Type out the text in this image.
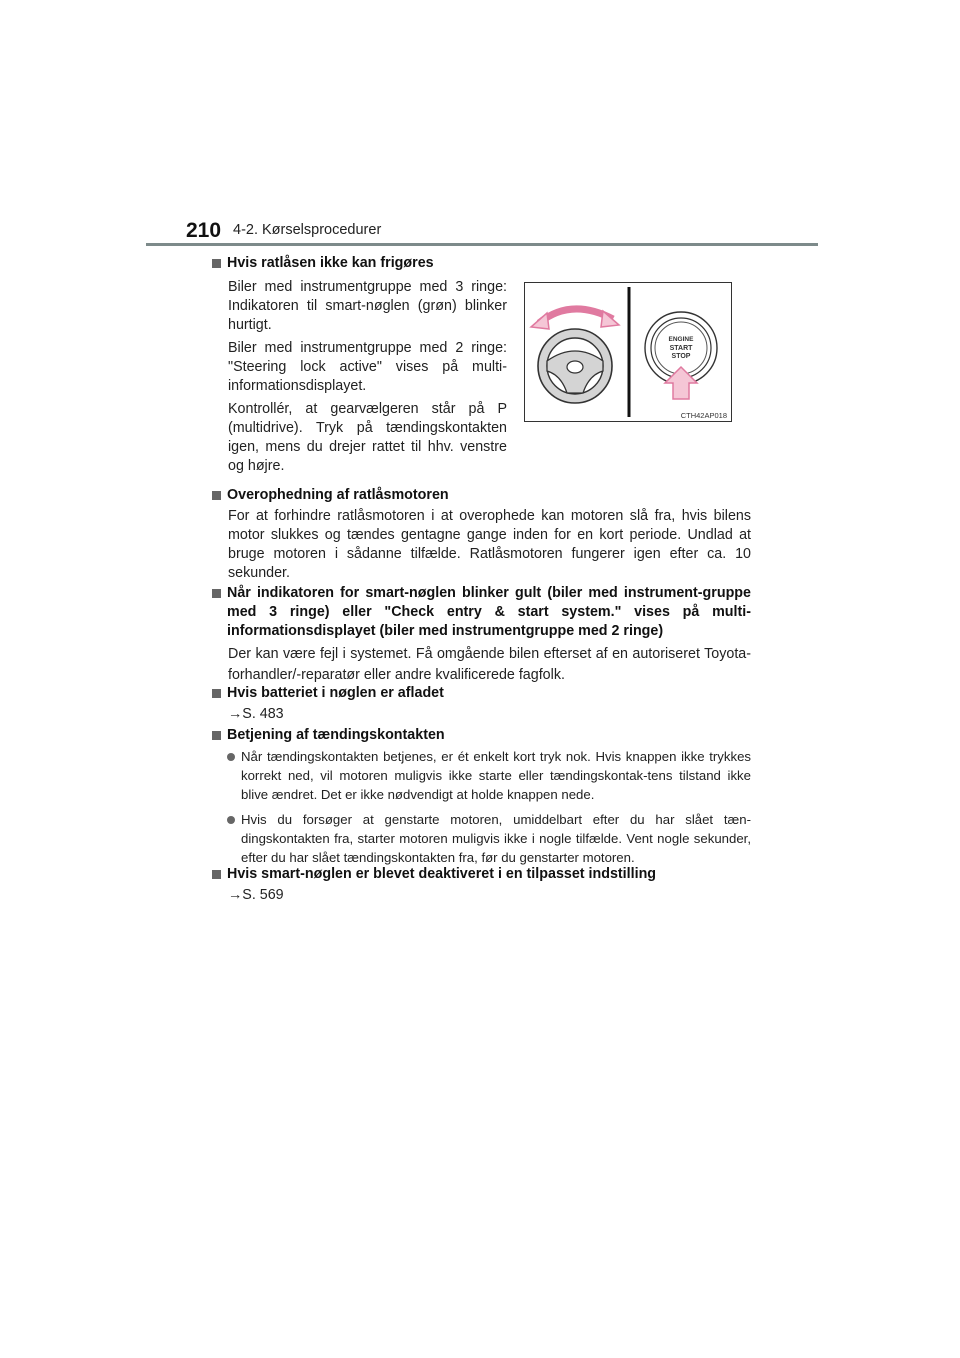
210 4-2. Kørselsprocedurer
Hvis ratlåsen ikke kan frigøres

Biler med instrumentgruppe med 3 ringe: Indikatoren til smart-nøglen (grøn) blinker hurtigt.

Biler med instrumentgruppe med 2 ringe: "Steering lock active" vises på multi-informationsdisplayet.

Kontrollér, at gearvælgeren står på P (multidrive). Tryk på tændingskontakten igen, mens du drejer rattet til hhv. venstre og højre.

ENGINE
START
STOP
CTH42AP018
Overophedning af ratlåsmotoren
For at forhindre ratlåsmotoren i at overophede kan motoren slå fra, hvis bilens motor slukkes og tændes gentagne gange inden for en kort periode. Undlad at bruge motoren i sådanne tilfælde. Ratlåsmotoren fungerer igen efter ca. 10 sekunder.
Når indikatoren for smart-nøglen blinker gult (biler med instrument-gruppe med 3 ringe) eller "Check entry & start system." vises på multi-informationsdisplayet (biler med instrumentgruppe med 2 ringe)
Der kan være fejl i systemet. Få omgående bilen efterset af en autoriseret Toyota-forhandler/-reparatør eller andre kvalificerede fagfolk.
Hvis batteriet i nøglen er afladet
→S. 483
Betjening af tændingskontakten
Når tændingskontakten betjenes, er ét enkelt kort tryk nok. Hvis knappen ikke trykkes korrekt ned, vil motoren muligvis ikke starte eller tændingskontak-tens tilstand ikke blive ændret. Det er ikke nødvendigt at holde knappen nede.
Hvis du forsøger at genstarte motoren, umiddelbart efter du har slået tæn-dingskontakten fra, starter motoren muligvis ikke i nogle tilfælde. Vent nogle sekunder, efter du har slået tændingskontakten fra, før du genstarter motoren.
Hvis smart-nøglen er blevet deaktiveret i en tilpasset indstilling
→S. 569
